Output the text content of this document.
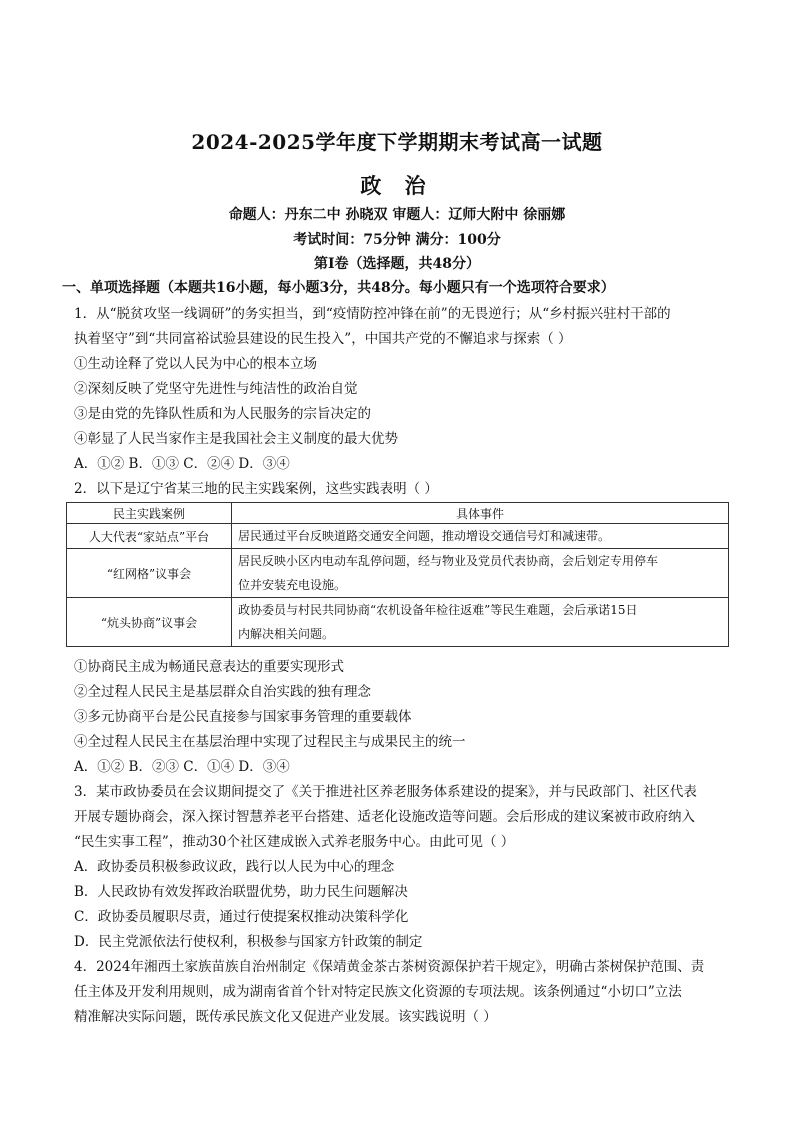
2024-2025学年度下学期期末考试高一试题
政 治
命题人：丹东二中 孙晓双 审题人：辽师大附中 徐丽娜
考试时间：75分钟 满分：100分
第Ⅰ卷（选择题，共48分）
一、单项选择题（本题共16小题，每小题3分，共48分。每小题只有一个选项符合要求）
1．从“脱贫攻坚一线调研”的务实担当，到“疫情防控冲锋在前”的无畏逆行；从“乡村振兴驻村干部的
执着坚守”到“共同富裕试验县建设的民生投入”，中国共产党的不懈追求与探索（ ）
①生动诠释了党以人民为中心的根本立场
②深刻反映了党坚守先进性与纯洁性的政治自觉
③是由党的先锋队性质和为人民服务的宗旨决定的
④彰显了人民当家作主是我国社会主义制度的最大优势
A．①② B．①③ C．②④ D．③④
2．以下是辽宁省某三地的民主实践案例，这些实践表明（ ）
民主实践案例	具体事件
人大代表“家站点”平台	居民通过平台反映道路交通安全问题，推动增设交通信号灯和减速带。
“红网格”议事会	居民反映小区内电动车乱停问题，经与物业及党员代表协商，会后划定专用停车
位并安装充电设施。

“炕头协商”议事会	政协委员与村民共同协商“农机设备年检往返难”等民生难题，会后承诺15日
内解决相关问题。
①协商民主成为畅通民意表达的重要实现形式
②全过程人民民主是基层群众自治实践的独有理念
③多元协商平台是公民直接参与国家事务管理的重要载体
④全过程人民民主在基层治理中实现了过程民主与成果民主的统一
A．①② B．②③ C．①④ D．③④
3．某市政协委员在会议期间提交了《关于推进社区养老服务体系建设的提案》，并与民政部门、社区代表
开展专题协商会，深入探讨智慧养老平台搭建、适老化设施改造等问题。会后形成的建议案被市政府纳入
“民生实事工程”，推动30个社区建成嵌入式养老服务中心。由此可见（ ）
A．政协委员积极参政议政，践行以人民为中心的理念
B．人民政协有效发挥政治联盟优势，助力民生问题解决
C．政协委员履职尽责，通过行使提案权推动决策科学化
D．民主党派依法行使权利，积极参与国家方针政策的制定
4．2024年湘西土家族苗族自治州制定《保靖黄金茶古茶树资源保护若干规定》，明确古茶树保护范围、责
任主体及开发利用规则，成为湖南省首个针对特定民族文化资源的专项法规。该条例通过“小切口”立法
精准解决实际问题，既传承民族文化又促进产业发展。该实践说明（ ）
